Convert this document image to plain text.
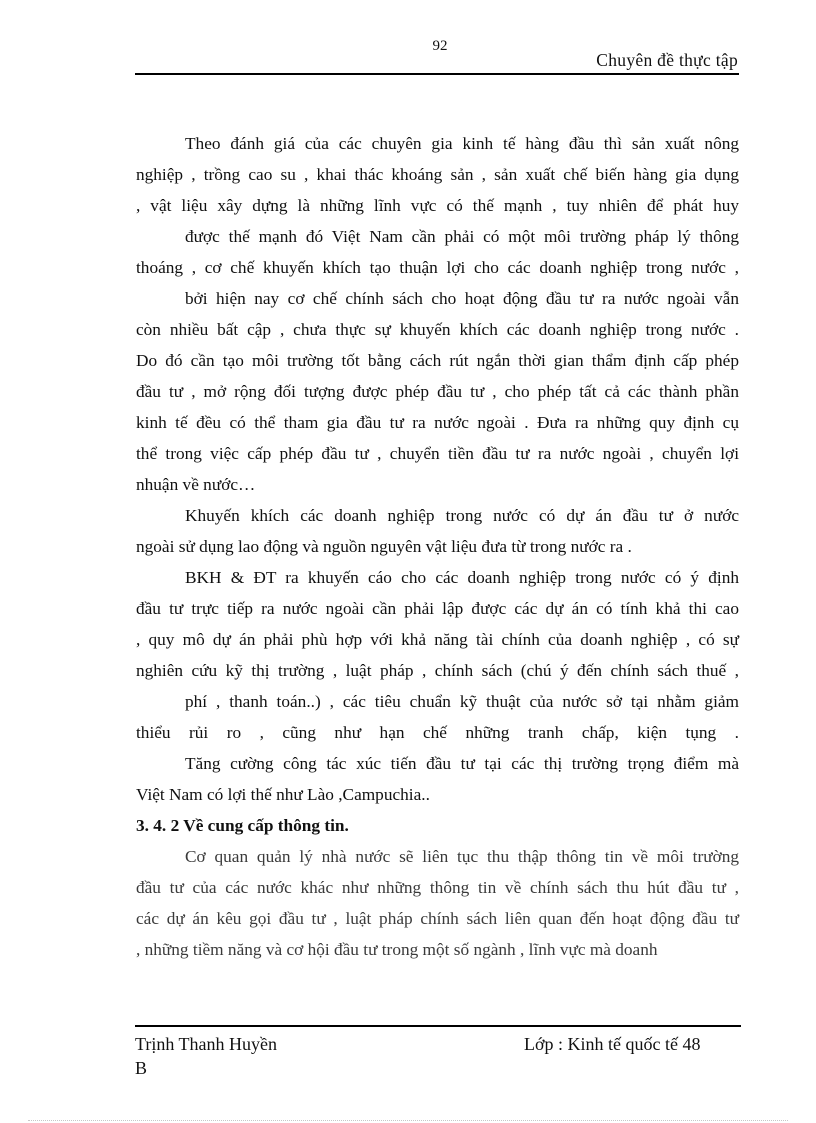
92
Chuyên đề thực tập
Theo đánh giá của các chuyên gia kinh tế hàng đầu thì sản xuất nông
nghiệp , trồng cao su , khai thác khoáng sản , sản xuất chế biến hàng gia dụng
, vật liệu xây dựng là những lĩnh vực có thế mạnh , tuy nhiên để phát huy
được thế mạnh đó Việt Nam cần phải có một môi trường pháp lý thông
thoáng , cơ chế khuyến khích tạo thuận lợi cho các doanh nghiệp trong nước ,
bởi hiện nay cơ chế chính sách cho hoạt động đầu tư ra nước ngoài vẫn
còn nhiều bất cập , chưa thực sự khuyến khích các doanh nghiệp trong nước .
Do đó cần tạo môi trường tốt bằng cách rút ngắn thời gian thẩm định cấp phép
đầu tư , mở rộng đối tượng được phép đầu tư , cho phép tất cả các thành phần
kinh tế đều có thể tham gia đầu tư ra nước ngoài . Đưa ra những quy định cụ
thể trong việc cấp phép đầu tư , chuyển tiền đầu tư ra nước ngoài , chuyển lợi
nhuận về nước…
Khuyến khích các doanh nghiệp trong nước có dự án đầu tư ở nước
ngoài sử dụng lao động và nguồn nguyên vật liệu đưa từ trong nước ra .
BKH & ĐT ra khuyến cáo cho các doanh nghiệp trong nước có ý định
đầu tư trực tiếp ra nước ngoài cần phải lập được các dự án có tính khả thi cao
, quy mô dự án phải phù hợp với khả năng tài chính của doanh nghiệp , có sự
nghiên cứu kỹ thị trường , luật pháp , chính sách (chú ý đến chính sách thuế ,
phí , thanh toán..) , các tiêu chuẩn kỹ thuật của nước sở tại nhằm giảm
thiểu rủi ro , cũng như hạn chế những tranh chấp, kiện tụng .
Tăng cường công tác xúc tiến đầu tư tại các thị trường trọng điểm mà
Việt Nam có lợi thế như Lào ,Campuchia..
3. 4. 2 Về cung cấp thông tin.
Cơ quan quản lý nhà nước sẽ liên tục thu thập thông tin về môi trường
đầu tư của các nước khác như những thông tin về chính sách thu hút đầu tư ,
các dự án kêu gọi đầu tư , luật pháp chính sách liên quan đến hoạt động đầu tư
, những tiềm năng và cơ hội đầu tư trong một số ngành , lĩnh vực mà doanh
Trịnh Thanh Huyền
B
Lớp : Kinh tế quốc tế 48
